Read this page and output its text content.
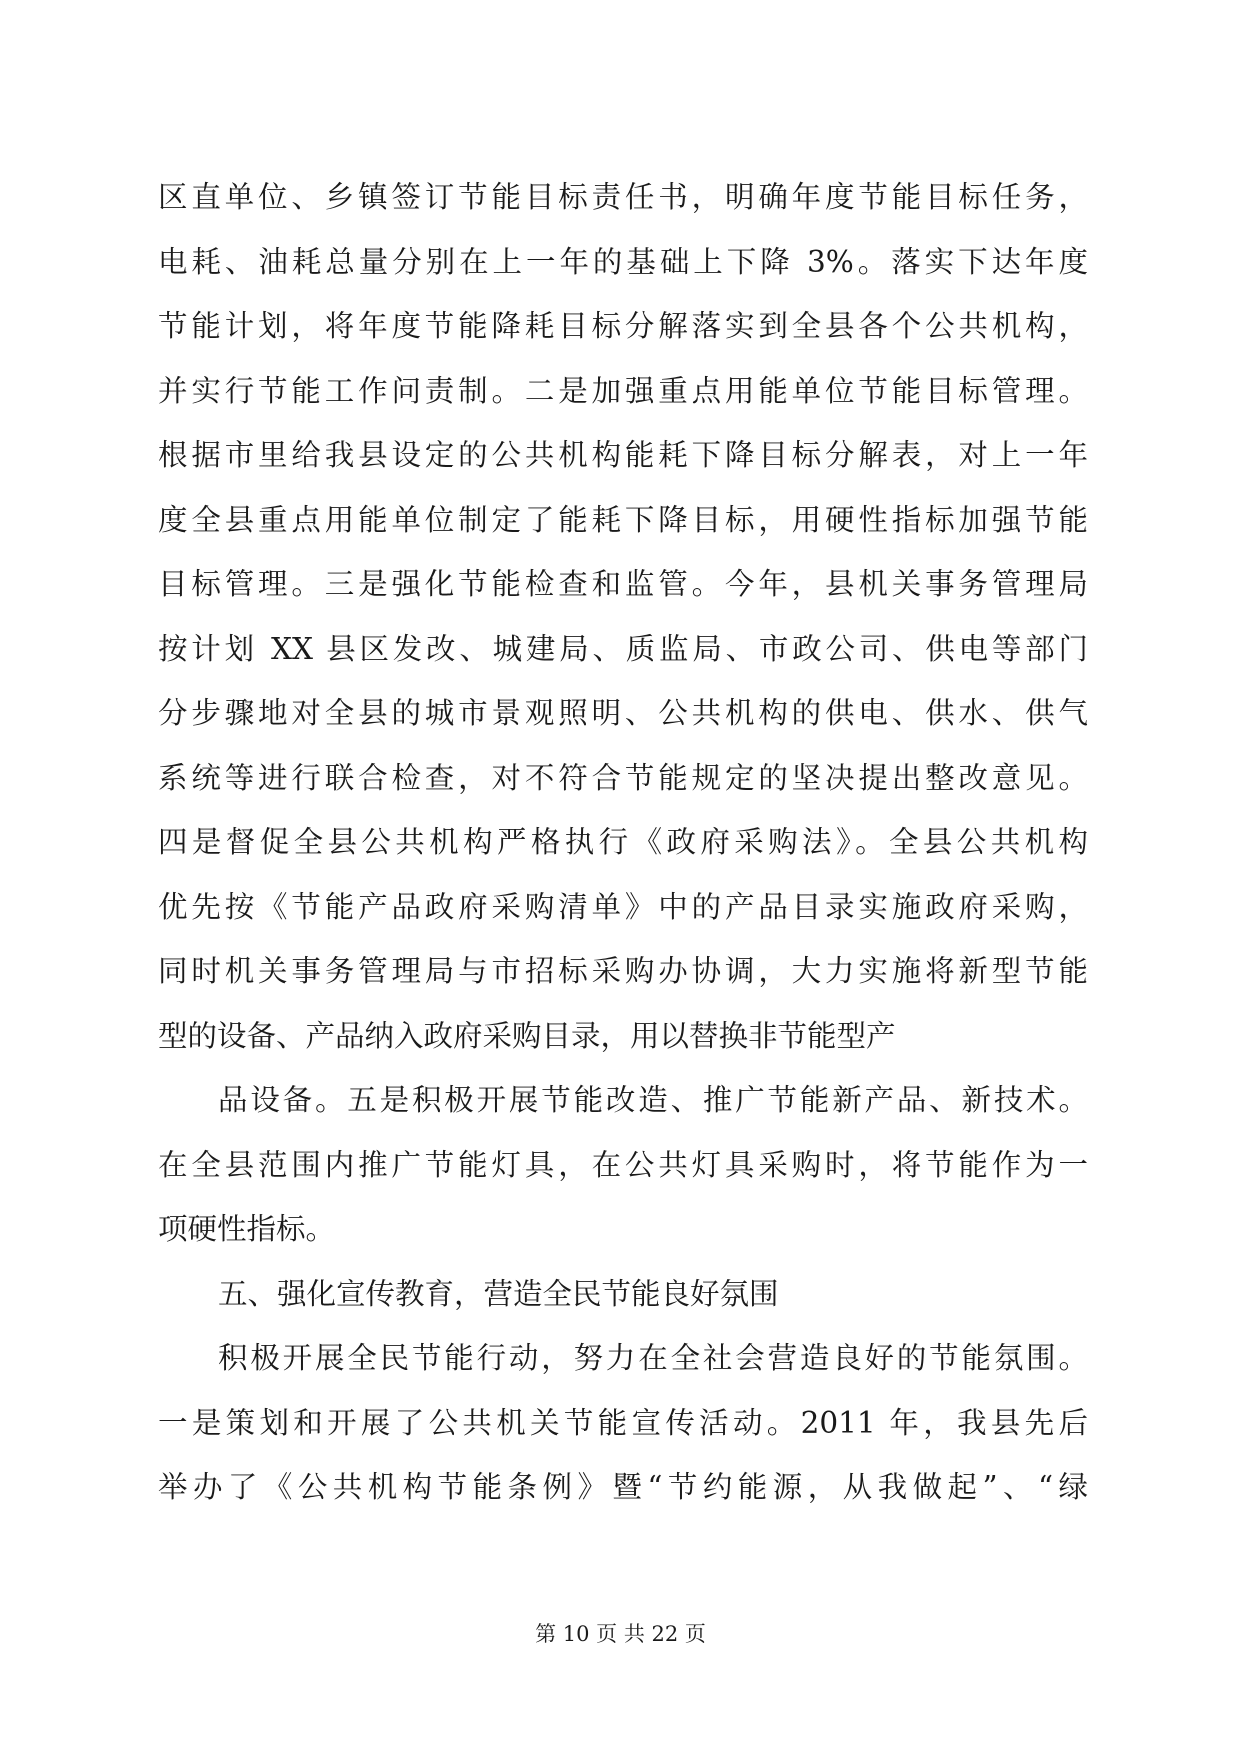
区直单位、乡镇签订节能目标责任书，明确年度节能目标任务，
电耗、油耗总量分别在上一年的基础上下降 3%。落实下达年度
节能计划，将年度节能降耗目标分解落实到全县各个公共机构，
并实行节能工作问责制。二是加强重点用能单位节能目标管理。
根据市里给我县设定的公共机构能耗下降目标分解表，对上一年
度全县重点用能单位制定了能耗下降目标，用硬性指标加强节能
目标管理。三是强化节能检查和监管。今年，县机关事务管理局
按计划 XX 县区发改、城建局、质监局、市政公司、供电等部门
分步骤地对全县的城市景观照明、公共机构的供电、供水、供气
系统等进行联合检查，对不符合节能规定的坚决提出整改意见。
四是督促全县公共机构严格执行《政府采购法》。全县公共机构
优先按《节能产品政府采购清单》中的产品目录实施政府采购，
同时机关事务管理局与市招标采购办协调，大力实施将新型节能
型的设备、产品纳入政府采购目录，用以替换非节能型产
品设备。五是积极开展节能改造、推广节能新产品、新技术。
在全县范围内推广节能灯具，在公共灯具采购时，将节能作为一
项硬性指标。
五、强化宣传教育，营造全民节能良好氛围
积极开展全民节能行动，努力在全社会营造良好的节能氛围。
一是策划和开展了公共机关节能宣传活动。2011 年，我县先后
举办了《公共机构节能条例》暨“节约能源，从我做起”、“绿
第 10 页 共 22 页
